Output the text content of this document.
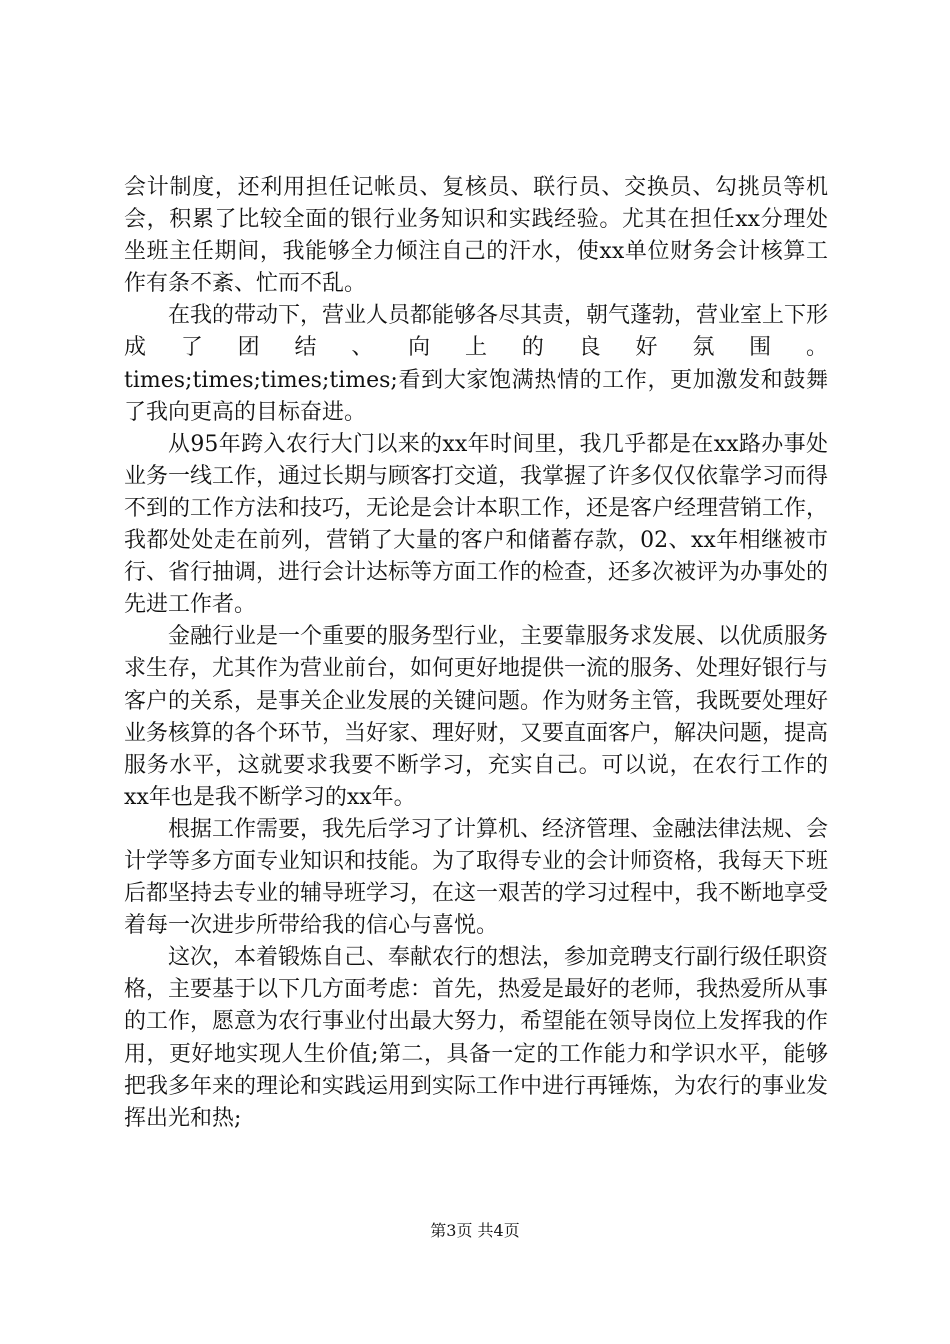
会计制度，还利用担任记帐员、复核员、联行员、交换员、勾挑员等机会，积累了比较全面的银行业务知识和实践经验。尤其在担任xx分理处坐班主任期间，我能够全力倾注自己的汗水，使xx单位财务会计核算工作有条不紊、忙而不乱。

在我的带动下，营业人员都能够各尽其责，朝气蓬勃，营业室上下形成了团结、向上的良好氛围。

times;times;times;times;看到大家饱满热情的工作，更加激发和鼓舞了我向更高的目标奋进。

从95年跨入农行大门以来的xx年时间里，我几乎都是在xx路办事处业务一线工作，通过长期与顾客打交道，我掌握了许多仅仅依靠学习而得不到的工作方法和技巧，无论是会计本职工作，还是客户经理营销工作，我都处处走在前列，营销了大量的客户和储蓄存款，02、xx年相继被市行、省行抽调，进行会计达标等方面工作的检查，还多次被评为办事处的先进工作者。

金融行业是一个重要的服务型行业，主要靠服务求发展、以优质服务求生存，尤其作为营业前台，如何更好地提供一流的服务、处理好银行与客户的关系，是事关企业发展的关键问题。作为财务主管，我既要处理好业务核算的各个环节，当好家、理好财，又要直面客户，解决问题，提高服务水平，这就要求我要不断学习，充实自己。可以说，在农行工作的xx年也是我不断学习的xx年。

根据工作需要，我先后学习了计算机、经济管理、金融法律法规、会计学等多方面专业知识和技能。为了取得专业的会计师资格，我每天下班后都坚持去专业的辅导班学习，在这一艰苦的学习过程中，我不断地享受着每一次进步所带给我的信心与喜悦。

这次，本着锻炼自己、奉献农行的想法，参加竞聘支行副行级任职资格，主要基于以下几方面考虑：首先，热爱是最好的老师，我热爱所从事的工作，愿意为农行事业付出最大努力，希望能在领导岗位上发挥我的作用，更好地实现人生价值;第二，具备一定的工作能力和学识水平，能够把我多年来的理论和实践运用到实际工作中进行再锤炼，为农行的事业发挥出光和热;

第3页 共4页
